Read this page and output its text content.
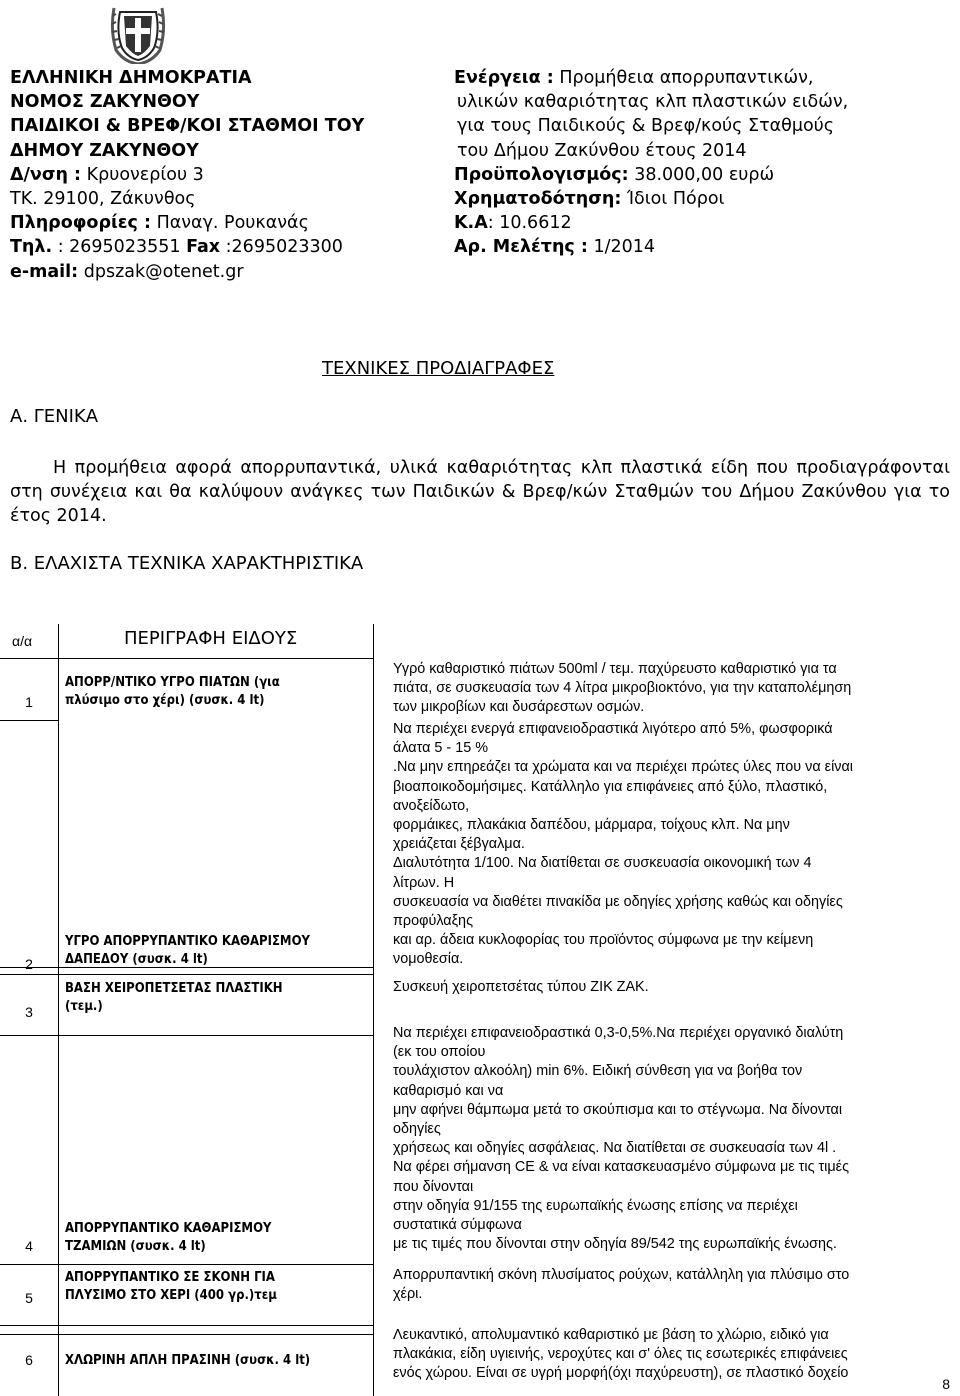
ΕΛΛΗΝΙΚΗ ΔΗΜΟΚΡΑΤΙΑ
ΝΟΜΟΣ ΖΑΚΥΝΘΟΥ
ΠΑΙΔΙΚΟΙ & ΒΡΕΦ/ΚΟΙ ΣΤΑΘΜΟΙ ΤΟΥ
ΔΗΜΟΥ ΖΑΚΥΝΘΟΥ
Δ/νση : Κρυονερίου 3
ΤΚ. 29100, Ζάκυνθος
Πληροφορίες : Παναγ. Ρουκανάς
Τηλ. : 2695023551 Fax :2695023300
e-mail: dpszak@otenet.gr
Ενέργεια : Προμήθεια απορρυπαντικών,
υλικών καθαριότητας κλπ πλαστικών ειδών,
για τους Παιδικούς & Βρεφ/κούς Σταθμούς
του Δήμου Ζακύνθου έτους 2014
Προϋπολογισμός: 38.000,00 ευρώ
Χρηματοδότηση: Ίδιοι Πόροι
Κ.Α: 10.6612
Αρ. Μελέτης : 1/2014
ΤΕΧΝΙΚΕΣ ΠΡΟΔΙΑΓΡΑΦΕΣ
Α. ΓΕΝΙΚΑ
Η προμήθεια αφορά απορρυπαντικά, υλικά καθαριότητας κλπ πλαστικά είδη που προδιαγράφονται στη συνέχεια και θα καλύψουν ανάγκες των Παιδικών & Βρεφ/κών Σταθμών του Δήμου Ζακύνθου για το έτος 2014.
Β. ΕΛΑΧΙΣΤΑ ΤΕΧΝΙΚΑ ΧΑΡΑΚΤΗΡΙΣΤΙΚΑ
α/α	ΠΕΡΙΓΡΑΦΗ ΕΙΔΟΥΣ
1
ΑΠΟΡΡ/ΝΤΙΚΟ ΥΓΡΟ ΠΙΑΤΩΝ (για
πλύσιμο στο χέρι) (συσκ. 4 lt)
2
ΥΓΡΟ ΑΠΟΡΡΥΠΑΝΤΙΚΟ ΚΑΘΑΡΙΣΜΟΥ
ΔΑΠΕΔΟΥ (συσκ. 4 lt)
3
ΒΑΣΗ ΧΕΙΡΟΠΕΤΣΕΤΑΣ ΠΛΑΣΤΙΚΗ
(τεμ.)
4
ΑΠΟΡΡΥΠΑΝΤΙΚΟ ΚΑΘΑΡΙΣΜΟΥ
ΤΖΑΜΙΩΝ (συσκ. 4 lt)
5
ΑΠΟΡΡΥΠΑΝΤΙΚΟ ΣΕ ΣΚΟΝΗ ΓΙΑ
ΠΛΥΣΙΜΟ ΣΤΟ ΧΕΡΙ (400 γρ.)τεμ
6	ΧΛΩΡΙΝΗ ΑΠΛΗ ΠΡΑΣΙΝΗ (συσκ. 4 lt)
Υγρό καθαριστικό πιάτων 500ml / τεμ. παχύρευστο καθαριστικό για τα
πιάτα, σε συσκευασία των 4 λίτρα μικροβιοκτόνο, για την καταπολέμηση
των μικροβίων και δυσάρεστων οσμών.
Να περιέχει ενεργά επιφανειοδραστικά λιγότερο από 5%, φωσφορικά
άλατα 5 - 15 %
.Να μην επηρεάζει τα χρώματα και να περιέχει πρώτες ύλες που να είναι
βιοαποικοδομήσιμες. Κατάλληλο για επιφάνειες από ξύλο, πλαστικό,
ανοξείδωτο,
φορμάικες, πλακάκια δαπέδου, μάρμαρα, τοίχους κλπ. Να μην
χρειάζεται ξέβγαλμα.
Διαλυτότητα 1/100. Να διατίθεται σε συσκευασία οικονομική των 4
λίτρων. Η
συσκευασία να διαθέτει πινακίδα με οδηγίες χρήσης καθώς και οδηγίες
προφύλαξης
και αρ. άδεια κυκλοφορίας του προϊόντος σύμφωνα με την κείμενη
νομοθεσία.
Συσκευή χειροπετσέτας τύπου ΖΙΚ ΖΑΚ.
Να περιέχει επιφανειοδραστικά 0,3-0,5%.Να περιέχει οργανικό διαλύτη
(εκ του οποίου
τουλάχιστον αλκοόλη) min 6%. Ειδική σύνθεση για να βοήθα τον
καθαρισμό και να
μην αφήνει θάμπωμα μετά το σκούπισμα και το στέγνωμα. Να δίνονται
οδηγίες
χρήσεως και οδηγίες ασφάλειας. Να διατίθεται σε συσκευασία των 4l .
Να φέρει σήμανση CE & να είναι κατασκευασμένο σύμφωνα με τις τιμές
που δίνονται
στην οδηγία 91/155 της ευρωπαϊκής ένωσης επίσης να περιέχει
συστατικά σύμφωνα
με τις τιμές που δίνονται στην οδηγία 89/542 της ευρωπαϊκής ένωσης.
Απορρυπαντική σκόνη πλυσίματος ρούχων, κατάλληλη για πλύσιμο στο
χέρι.
Λευκαντικό, απολυμαντικό καθαριστικό με βάση το χλώριο, ειδικό για
πλακάκια, είδη υγιεινής, νεροχύτες και σ' όλες τις εσωτερικές επιφάνειες
ενός χώρου. Είναι σε υγρή μορφή(όχι παχύρευστη), σε πλαστικό δοχείο
8
